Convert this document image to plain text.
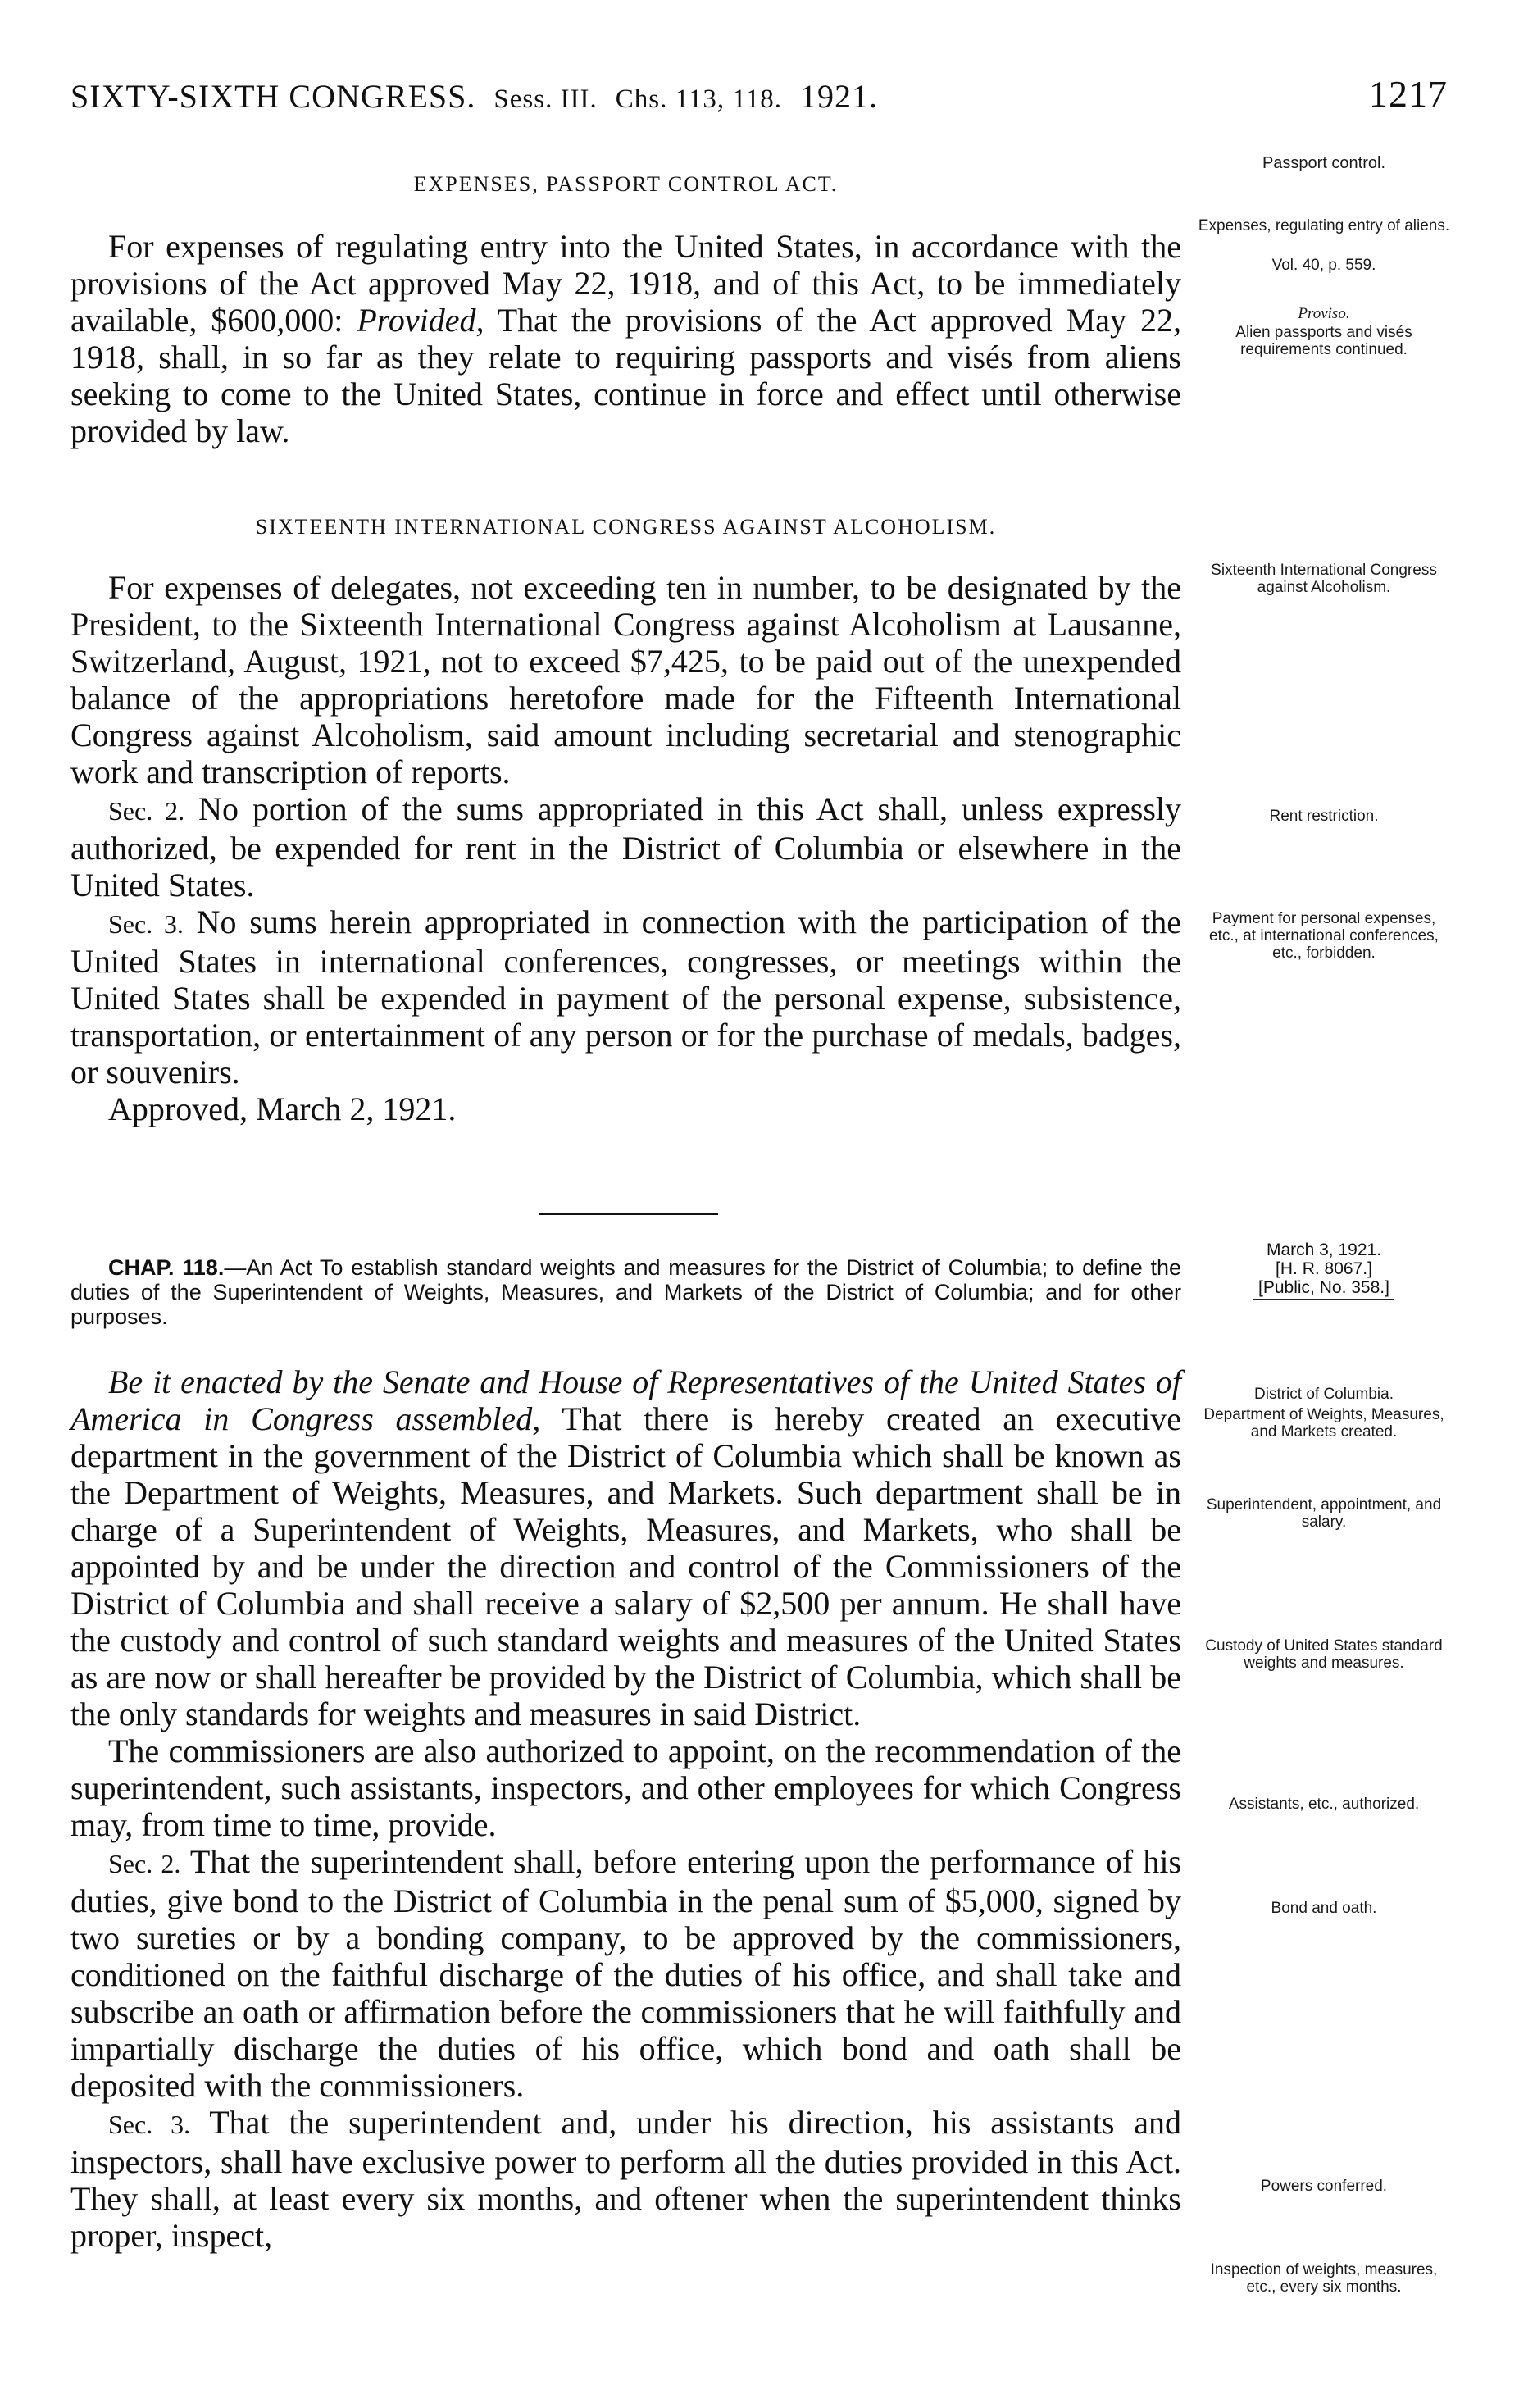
SIXTY-SIXTH CONGRESS. Sess. III. Chs. 113, 118. 1921.	1217
Passport control.
EXPENSES, PASSPORT CONTROL ACT.
Expenses, regulating entry of aliens.
Vol. 40, p. 559.
Proviso.
Alien passports and visés requirements continued.

For expenses of regulating entry into the United States, in accordance with the provisions of the Act approved May 22, 1918, and of this Act, to be immediately available, $600,000: Provided, That the provisions of the Act approved May 22, 1918, shall, in so far as they relate to requiring passports and visés from aliens seeking to come to the United States, continue in force and effect until otherwise provided by law.

SIXTEENTH INTERNATIONAL CONGRESS AGAINST ALCOHOLISM.
Sixteenth International Congress against Alcoholism.
Rent restriction.
Payment for personal expenses, etc., at international conferences, etc., forbidden.

For expenses of delegates, not exceeding ten in number, to be designated by the President, to the Sixteenth International Congress against Alcoholism at Lausanne, Switzerland, August, 1921, not to exceed $7,425, to be paid out of the unexpended balance of the appropriations heretofore made for the Fifteenth International Congress against Alcoholism, said amount including secretarial and stenographic work and transcription of reports.

Sec. 2. No portion of the sums appropriated in this Act shall, unless expressly authorized, be expended for rent in the District of Columbia or elsewhere in the United States.

Sec. 3. No sums herein appropriated in connection with the participation of the United States in international conferences, congresses, or meetings within the United States shall be expended in payment of the personal expense, subsistence, transportation, or entertainment of any person or for the purchase of medals, badges, or souvenirs.

Approved, March 2, 1921.

March 3, 1921.
[H. R. 8067.]
[Public, No. 358.]

CHAP. 118.—An Act To establish standard weights and measures for the District of Columbia; to define the duties of the Superintendent of Weights, Measures, and Markets of the District of Columbia; and for other purposes.

District of Columbia.
Department of Weights, Measures, and Markets created.
Superintendent, appointment, and salary.
Custody of United States standard weights and measures.
Assistants, etc., authorized.
Bond and oath.
Powers conferred.
Inspection of weights, measures, etc., every six months.

Be it enacted by the Senate and House of Representatives of the United States of America in Congress assembled, That there is hereby created an executive department in the government of the District of Columbia which shall be known as the Department of Weights, Measures, and Markets. Such department shall be in charge of a Superintendent of Weights, Measures, and Markets, who shall be appointed by and be under the direction and control of the Commissioners of the District of Columbia and shall receive a salary of $2,500 per annum. He shall have the custody and control of such standard weights and measures of the United States as are now or shall hereafter be provided by the District of Columbia, which shall be the only standards for weights and measures in said District.

The commissioners are also authorized to appoint, on the recommendation of the superintendent, such assistants, inspectors, and other employees for which Congress may, from time to time, provide.

Sec. 2. That the superintendent shall, before entering upon the performance of his duties, give bond to the District of Columbia in the penal sum of $5,000, signed by two sureties or by a bonding company, to be approved by the commissioners, conditioned on the faithful discharge of the duties of his office, and shall take and subscribe an oath or affirmation before the commissioners that he will faithfully and impartially discharge the duties of his office, which bond and oath shall be deposited with the commissioners.

Sec. 3. That the superintendent and, under his direction, his assistants and inspectors, shall have exclusive power to perform all the duties provided in this Act. They shall, at least every six months, and oftener when the superintendent thinks proper, inspect,
